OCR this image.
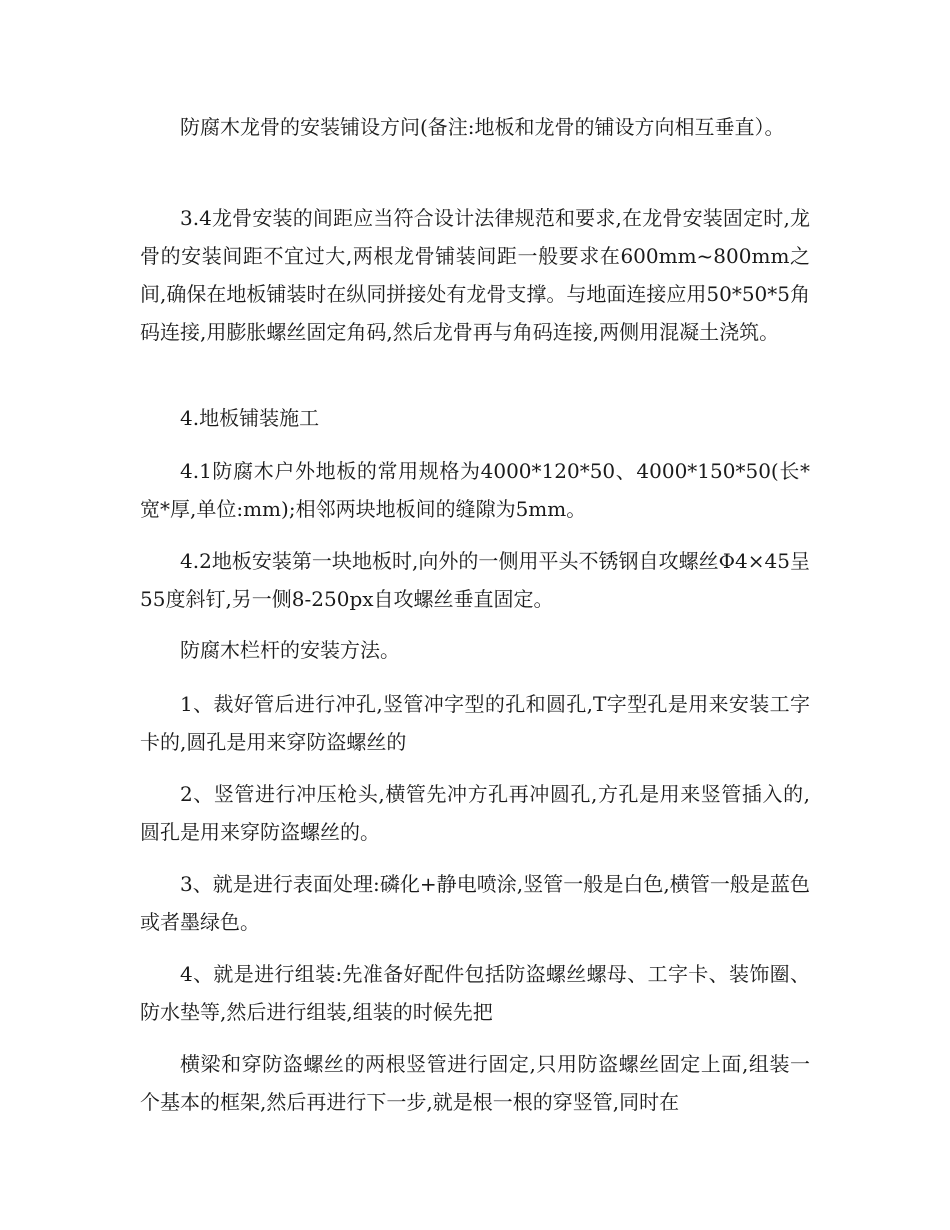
防腐木龙骨的安装铺设方问(备注:地板和龙骨的铺设方向相互垂直）。

3.4龙骨安装的间距应当符合设计法律规范和要求,在龙骨安装固定时,龙骨的安装间距不宜过大,两根龙骨铺装间距一般要求在600mm~800mm之间,确保在地板铺装时在纵同拼接处有龙骨支撑。与地面连接应用50*50*5角码连接,用膨胀螺丝固定角码,然后龙骨再与角码连接,两侧用混凝土浇筑。

4.地板铺装施工

4.1防腐木户外地板的常用规格为4000*120*50、4000*150*50(长*宽*厚,单位:mm);相邻两块地板间的缝隙为5mm。

4.2地板安装第一块地板时,向外的一侧用平头不锈钢自攻螺丝Φ4×45呈55度斜钉,另一侧8-250px自攻螺丝垂直固定。

防腐木栏杆的安装方法。

1、裁好管后进行冲孔,竖管冲字型的孔和圆孔,T字型孔是用来安装工字卡的,圆孔是用来穿防盗螺丝的

2、竖管进行冲压枪头,横管先冲方孔再冲圆孔,方孔是用来竖管插入的,圆孔是用来穿防盗螺丝的。

3、就是进行表面处理:磷化+静电喷涂,竖管一般是白色,横管一般是蓝色或者墨绿色。

4、就是进行组装:先准备好配件包括防盗螺丝螺母、工字卡、装饰圈、防水垫等,然后进行组装,组装的时候先把

横梁和穿防盗螺丝的两根竖管进行固定,只用防盗螺丝固定上面,组装一个基本的框架,然后再进行下一步,就是根一根的穿竖管,同时在
